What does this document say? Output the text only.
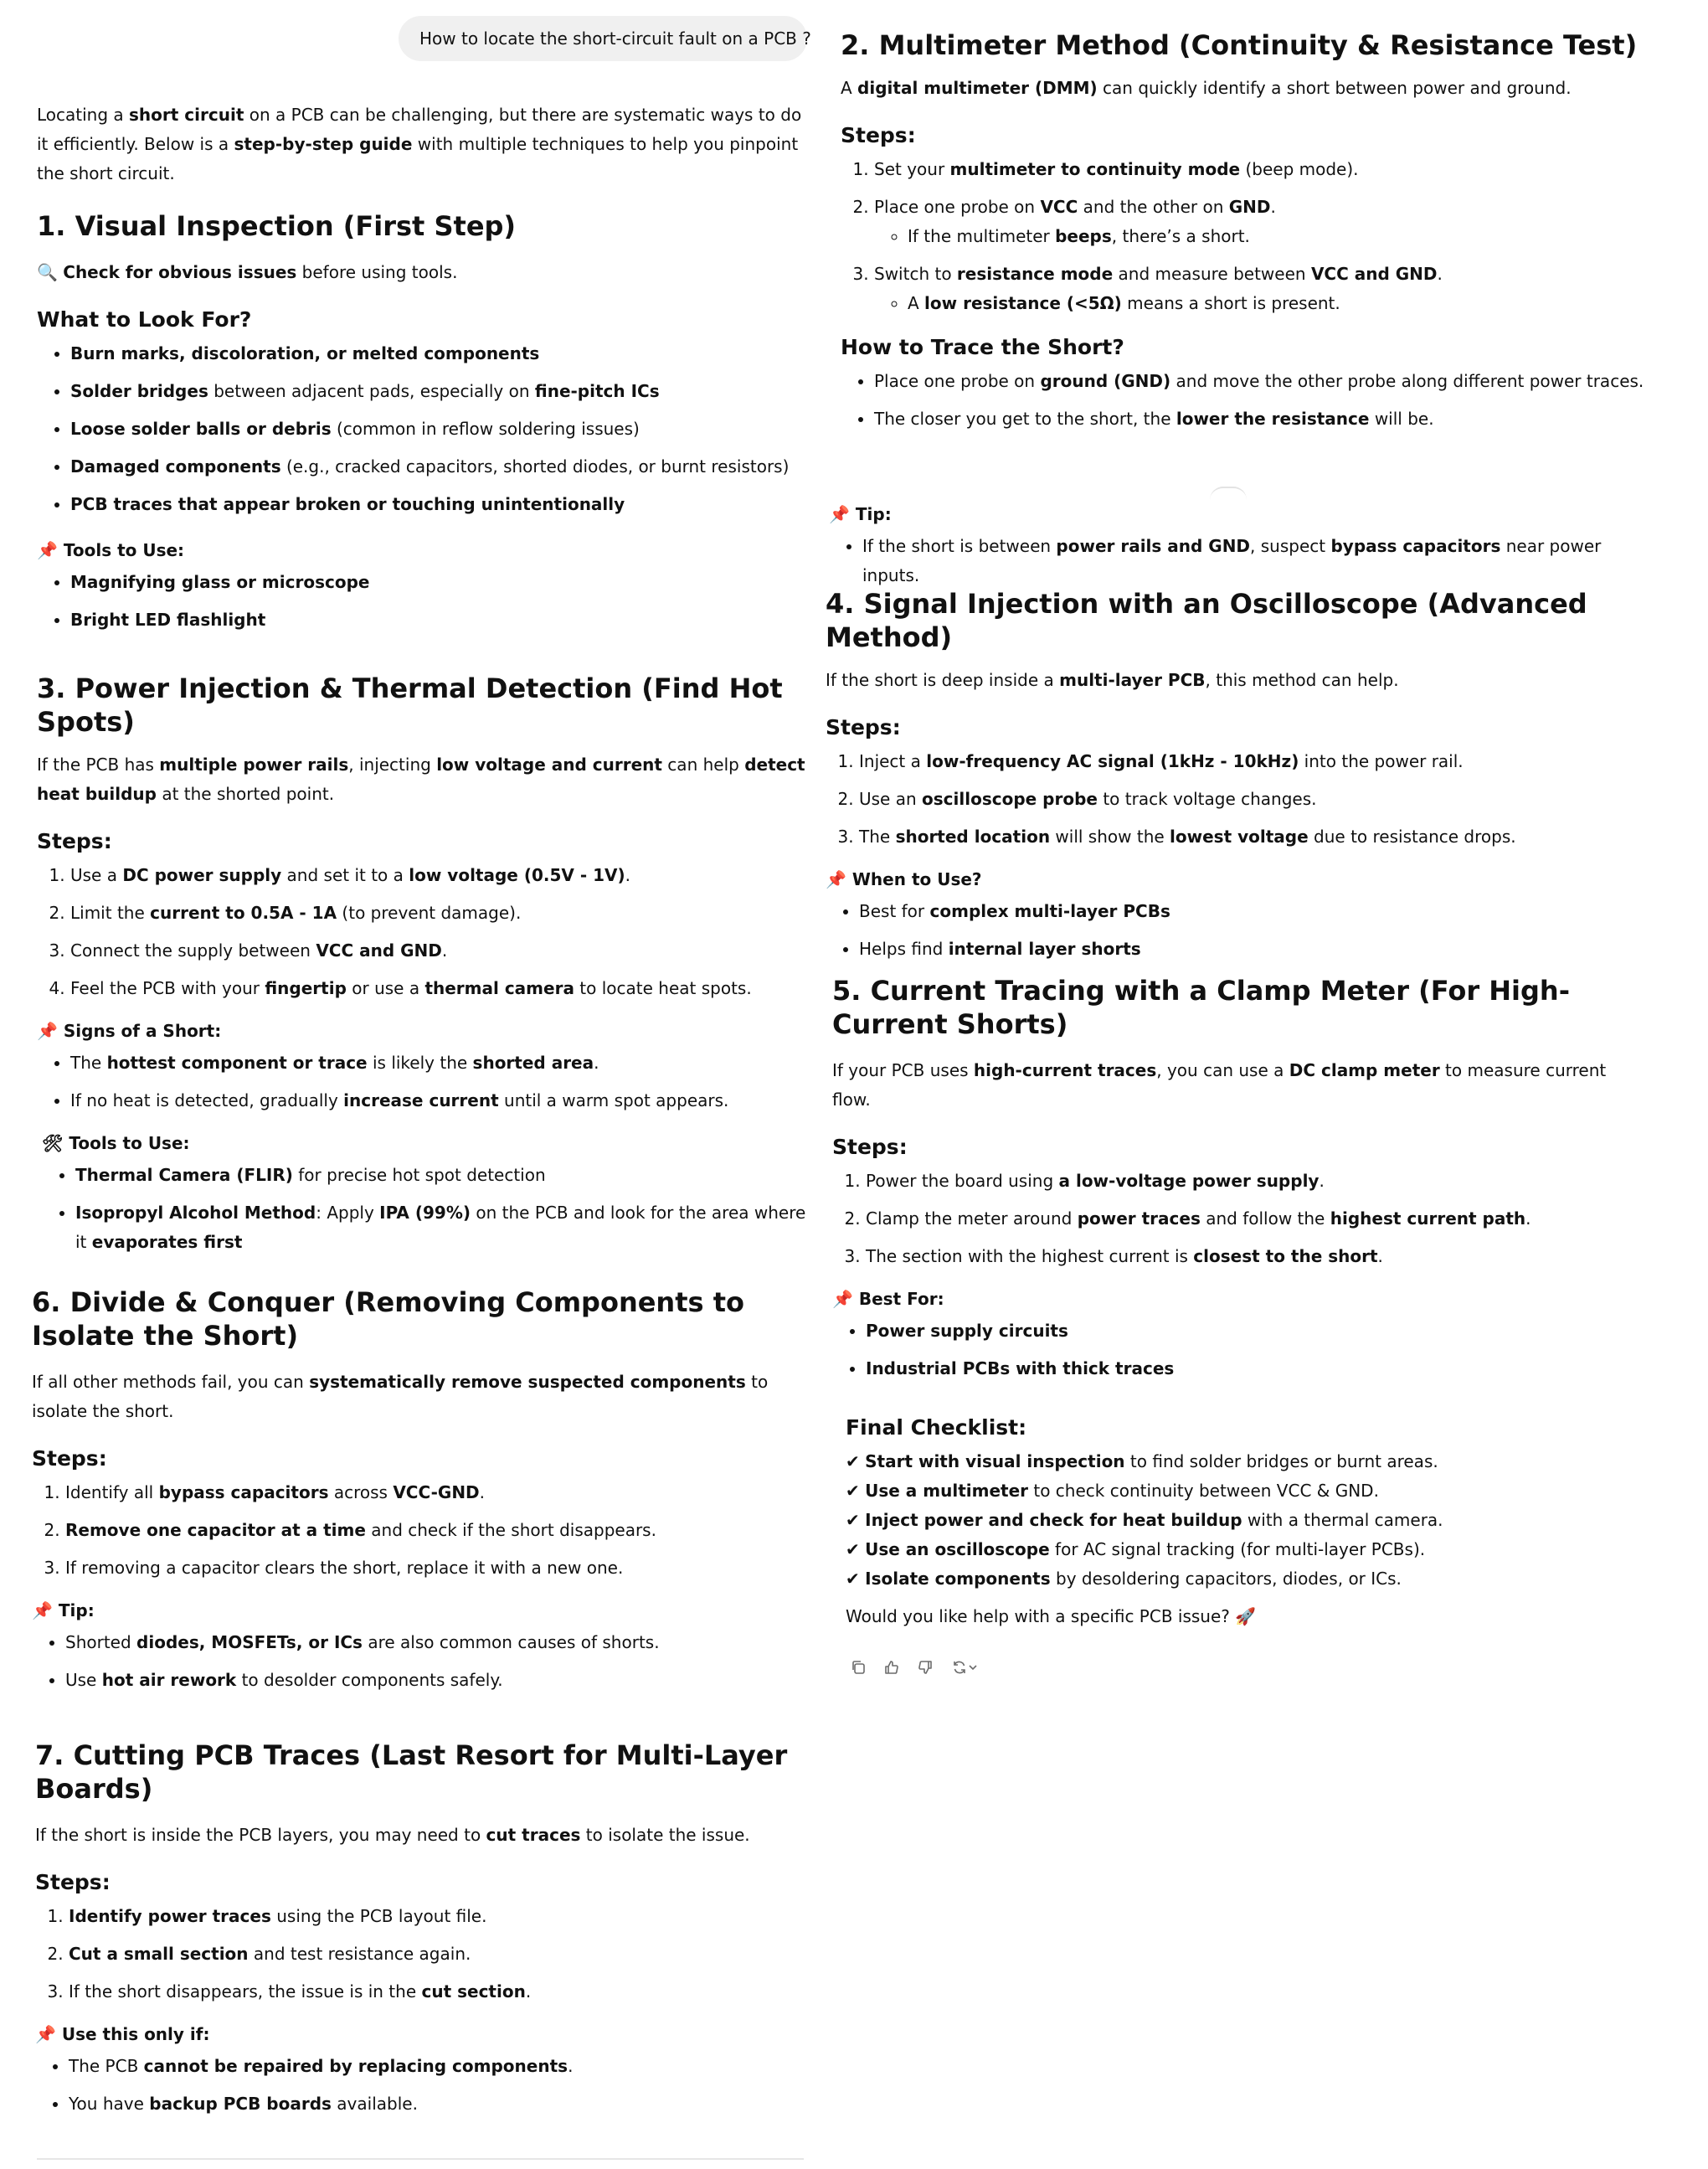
How to locate the short-circuit fault on a PCB ?

Locating a short circuit on a PCB can be challenging, but there are systematic ways to do it efficiently. Below is a step-by-step guide with multiple techniques to help you pinpoint the short circuit.

1. Visual Inspection (First Step)

🔍 Check for obvious issues before using tools.

What to Look For?
• Burn marks, discoloration, or melted components
• Solder bridges between adjacent pads, especially on fine-pitch ICs
• Loose solder balls or debris (common in reflow soldering issues)
• Damaged components (e.g., cracked capacitors, shorted diodes, or burnt resistors)
• PCB traces that appear broken or touching unintentionally
📌 Tools to Use:
• Magnifying glass or microscope
• Bright LED flashlight
3. Power Injection & Thermal Detection (Find Hot Spots)

If the PCB has multiple power rails, injecting low voltage and current can help detect heat buildup at the shorted point.

Steps:
1. Use a DC power supply and set it to a low voltage (0.5V - 1V).
2. Limit the current to 0.5A - 1A (to prevent damage).
3. Connect the supply between VCC and GND.
4. Feel the PCB with your fingertip or use a thermal camera to locate heat spots.
📌 Signs of a Short:
• The hottest component or trace is likely the shorted area.
• If no heat is detected, gradually increase current until a warm spot appears.
🛠 Tools to Use:
• Thermal Camera (FLIR) for precise hot spot detection
• Isopropyl Alcohol Method: Apply IPA (99%) on the PCB and look for the area where it evaporates first
6. Divide & Conquer (Removing Components to Isolate the Short)

If all other methods fail, you can systematically remove suspected components to isolate the short.

Steps:
1. Identify all bypass capacitors across VCC-GND.
2. Remove one capacitor at a time and check if the short disappears.
3. If removing a capacitor clears the short, replace it with a new one.
📌 Tip:
• Shorted diodes, MOSFETs, or ICs are also common causes of shorts.
• Use hot air rework to desolder components safely.
7. Cutting PCB Traces (Last Resort for Multi-Layer Boards)

If the short is inside the PCB layers, you may need to cut traces to isolate the issue.

Steps:
1. Identify power traces using the PCB layout file.
2. Cut a small section and test resistance again.
3. If the short disappears, the issue is in the cut section.
📌 Use this only if:
• The PCB cannot be repaired by replacing components.
• You have backup PCB boards available.
2. Multimeter Method (Continuity & Resistance Test)

A digital multimeter (DMM) can quickly identify a short between power and ground.

Steps:
1. Set your multimeter to continuity mode (beep mode).
2. Place one probe on VCC and the other on GND.
◦ If the multimeter beeps, there’s a short.
3. Switch to resistance mode and measure between VCC and GND.
◦ A low resistance (<5Ω) means a short is present.
How to Trace the Short?
• Place one probe on ground (GND) and move the other probe along different power traces.
• The closer you get to the short, the lower the resistance will be.
📌 Tip:
• If the short is between power rails and GND, suspect bypass capacitors near power inputs.
4. Signal Injection with an Oscilloscope (Advanced Method)

If the short is deep inside a multi-layer PCB, this method can help.

Steps:
1. Inject a low-frequency AC signal (1kHz - 10kHz) into the power rail.
2. Use an oscilloscope probe to track voltage changes.
3. The shorted location will show the lowest voltage due to resistance drops.
📌 When to Use?
• Best for complex multi-layer PCBs
• Helps find internal layer shorts
5. Current Tracing with a Clamp Meter (For High-Current Shorts)

If your PCB uses high-current traces, you can use a DC clamp meter to measure current flow.

Steps:
1. Power the board using a low-voltage power supply.
2. Clamp the meter around power traces and follow the highest current path.
3. The section with the highest current is closest to the short.
📌 Best For:
• Power supply circuits
• Industrial PCBs with thick traces
Final Checklist:

✔ Start with visual inspection to find solder bridges or burnt areas.

✔ Use a multimeter to check continuity between VCC & GND.

✔ Inject power and check for heat buildup with a thermal camera.

✔ Use an oscilloscope for AC signal tracking (for multi-layer PCBs).

✔ Isolate components by desoldering capacitors, diodes, or ICs.

Would you like help with a specific PCB issue? 🚀
